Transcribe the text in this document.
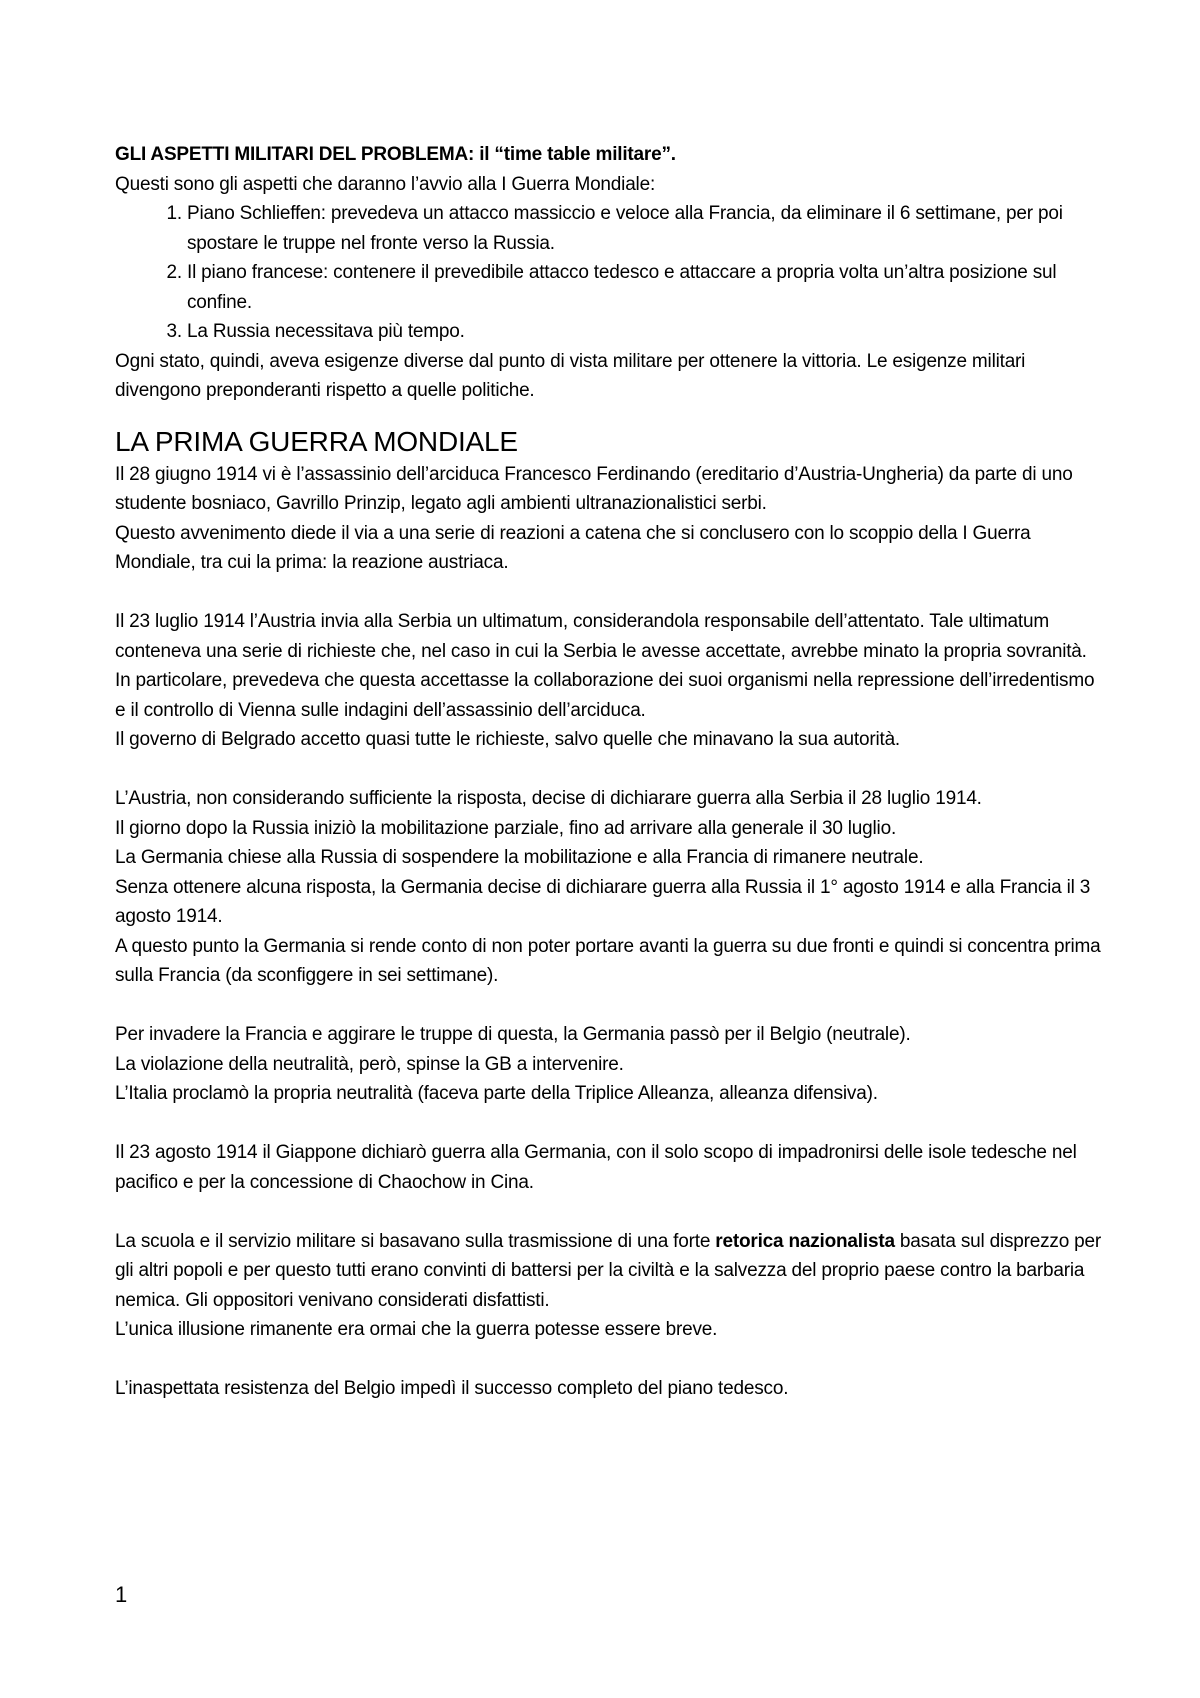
GLI ASPETTI MILITARI DEL PROBLEMA: il “time table militare”.

Questi sono gli aspetti che daranno l’avvio alla I Guerra Mondiale:

1. Piano Schlieffen: prevedeva un attacco massiccio e veloce alla Francia, da eliminare il 6 settimane, per poi spostare le truppe nel fronte verso la Russia.
2. Il piano francese: contenere il prevedibile attacco tedesco e attaccare a propria volta un’altra posizione sul confine.
3. La Russia necessitava più tempo.

Ogni stato, quindi, aveva esigenze diverse dal punto di vista militare per ottenere la vittoria. Le esigenze militari divengono preponderanti rispetto a quelle politiche.

LA PRIMA GUERRA MONDIALE

Il 28 giugno 1914 vi è l’assassinio dell’arciduca Francesco Ferdinando (ereditario d’Austria-Ungheria) da parte di uno studente bosniaco, Gavrillo Prinzip, legato agli ambienti ultranazionalistici serbi.

Questo avvenimento diede il via a una serie di reazioni a catena che si conclusero con lo scoppio della I Guerra Mondiale, tra cui la prima: la reazione austriaca.

Il 23 luglio 1914 l’Austria invia alla Serbia un ultimatum, considerandola responsabile dell’attentato. Tale ultimatum conteneva una serie di richieste che, nel caso in cui la Serbia le avesse accettate, avrebbe minato la propria sovranità.

In particolare, prevedeva che questa accettasse la collaborazione dei suoi organismi nella repressione dell’irredentismo e il controllo di Vienna sulle indagini dell’assassinio dell’arciduca.

Il governo di Belgrado accetto quasi tutte le richieste, salvo quelle che minavano la sua autorità.

L’Austria, non considerando sufficiente la risposta, decise di dichiarare guerra alla Serbia il 28 luglio 1914.

Il giorno dopo la Russia iniziò la mobilitazione parziale, fino ad arrivare alla generale il 30 luglio.

La Germania chiese alla Russia di sospendere la mobilitazione e alla Francia di rimanere neutrale.

Senza ottenere alcuna risposta, la Germania decise di dichiarare guerra alla Russia il 1° agosto 1914 e alla Francia il 3 agosto 1914.

A questo punto la Germania si rende conto di non poter portare avanti la guerra su due fronti e quindi si concentra prima sulla Francia (da sconfiggere in sei settimane).

Per invadere la Francia e aggirare le truppe di questa, la Germania passò per il Belgio (neutrale).

La violazione della neutralità, però, spinse la GB a intervenire.

L’Italia proclamò la propria neutralità (faceva parte della Triplice Alleanza, alleanza difensiva).

Il 23 agosto 1914 il Giappone dichiarò guerra alla Germania, con il solo scopo di impadronirsi delle isole tedesche nel pacifico e per la concessione di Chaochow in Cina.

La scuola e il servizio militare si basavano sulla trasmissione di una forte retorica nazionalista basata sul disprezzo per gli altri popoli e per questo tutti erano convinti di battersi per la civiltà e la salvezza del proprio paese contro la barbaria nemica. Gli oppositori venivano considerati disfattisti.

L’unica illusione rimanente era ormai che la guerra potesse essere breve.

L’inaspettata resistenza del Belgio impedì il successo completo del piano tedesco.

1
